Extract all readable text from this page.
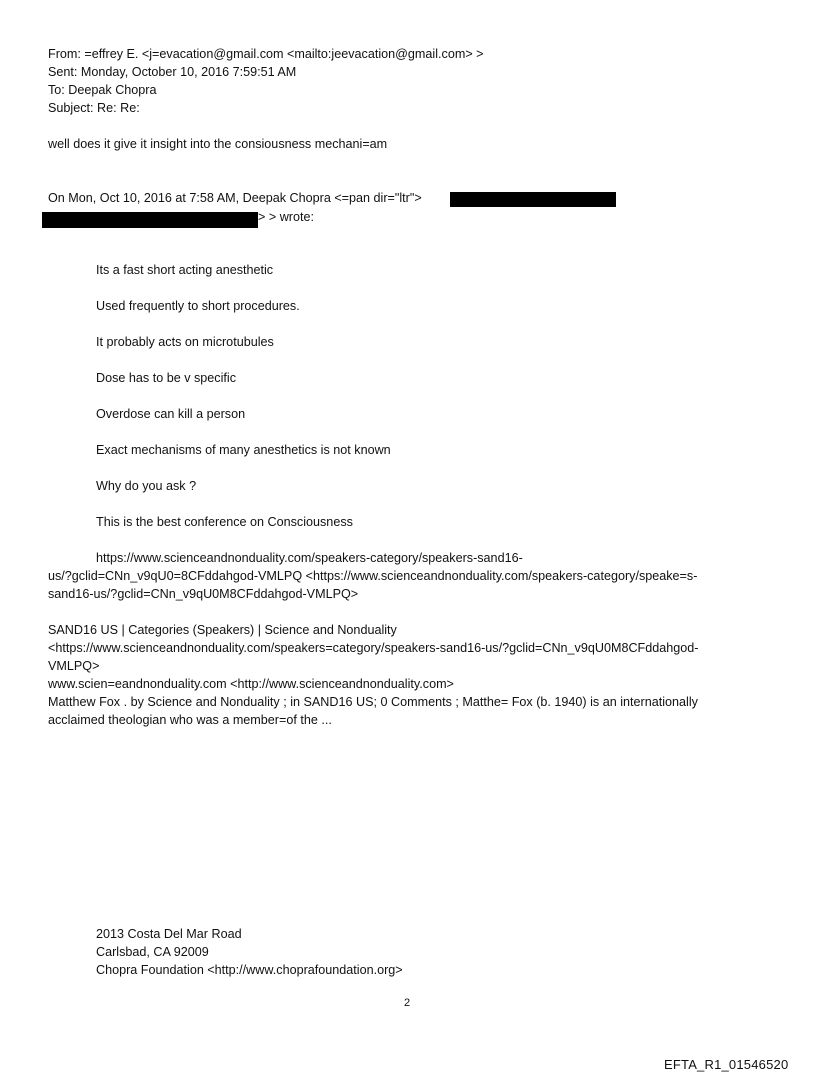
From: =effrey E. <j=evacation@gmail.com <mailto:jeevacation@gmail.com> >
Sent: Monday, October 10, 2016 7:59:51 AM
To: Deepak Chopra
Subject: Re: Re:
well does it give it insight into the consiousness mechani=am
On Mon, Oct 10, 2016 at 7:58 AM, Deepak Chopra <=pan dir="ltr">
> > wrote:
Its a fast short acting anesthetic
Used frequently to short procedures.
It probably acts on microtubules
Dose has to be v specific
Overdose can kill a person
Exact mechanisms of many anesthetics is not known
Why do you ask ?
This is the best conference on Consciousness
https://www.scienceandnonduality.com/speakers-category/speakers-sand16-
us/?gclid=CNn_v9qU0=8CFddahgod-VMLPQ <https://www.scienceandnonduality.com/speakers-category/speake=s-
sand16-us/?gclid=CNn_v9qU0M8CFddahgod-VMLPQ>
SAND16 US | Categories (Speakers) | Science and Nonduality
<https://www.scienceandnonduality.com/speakers=category/speakers-sand16-us/?gclid=CNn_v9qU0M8CFddahgod-
VMLPQ>
www.scien=eandnonduality.com <http://www.scienceandnonduality.com>
Matthew Fox . by Science and Nonduality ; in SAND16 US; 0 Comments ; Matthe= Fox (b. 1940) is an internationally
acclaimed theologian who was a member=of the ...
2013 Costa Del Mar Road
Carlsbad, CA 92009
Chopra Foundation <http://www.choprafoundation.org>
2
EFTA_R1_01546520
